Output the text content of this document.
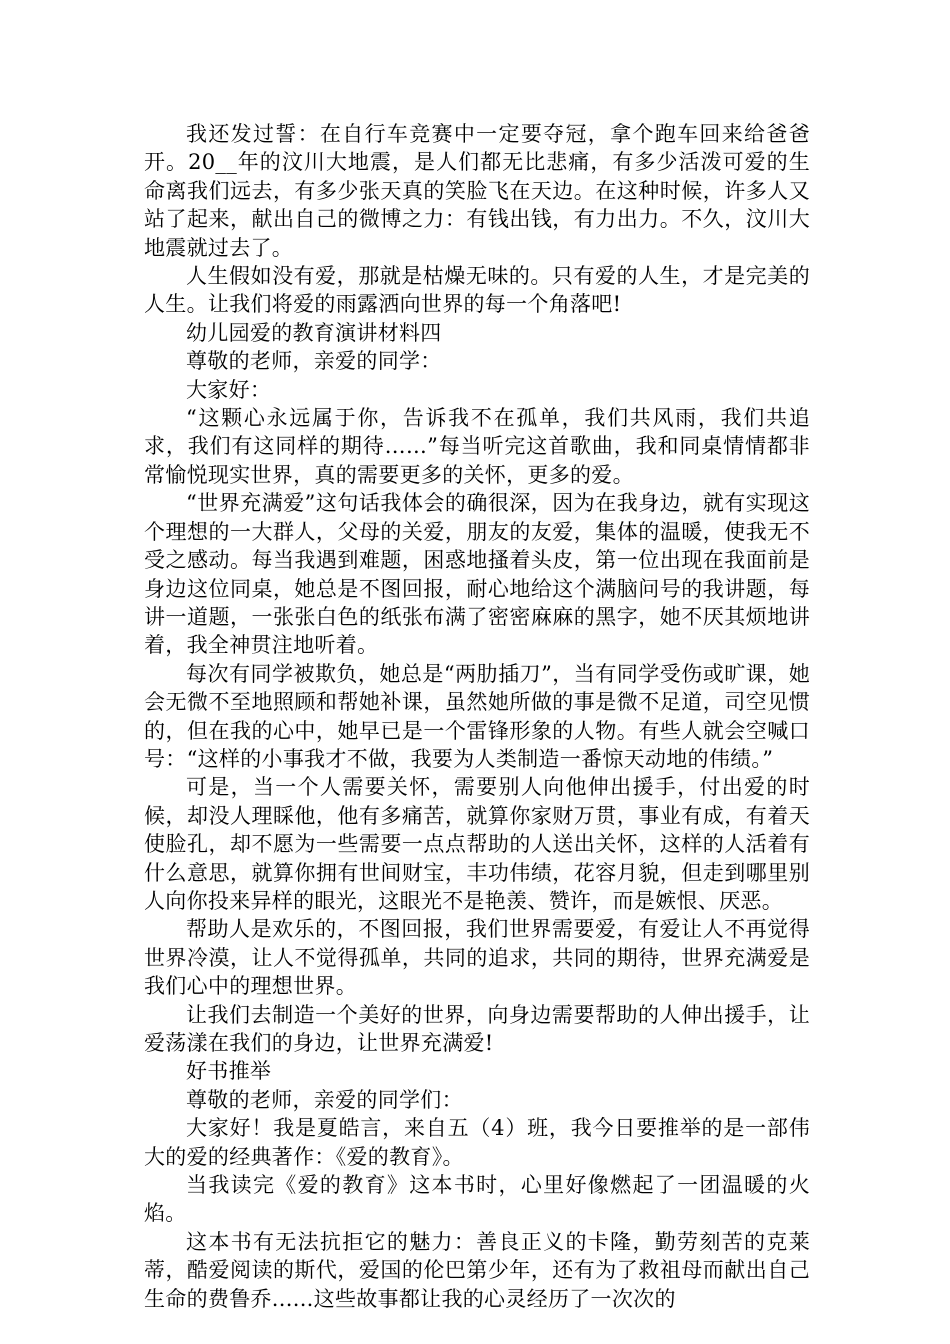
我还发过誓：在自行车竞赛中一定要夺冠，拿个跑车回来给爸爸开。20__年的汶川大地震，是人们都无比悲痛，有多少活泼可爱的生命离我们远去，有多少张天真的笑脸飞在天边。在这种时候，许多人又站了起来，献出自己的微博之力：有钱出钱，有力出力。不久，汶川大地震就过去了。

人生假如没有爱，那就是枯燥无味的。只有爱的人生，才是完美的人生。让我们将爱的雨露洒向世界的每一个角落吧!

幼儿园爱的教育演讲材料四

尊敬的老师，亲爱的同学：

大家好：

“这颗心永远属于你，告诉我不在孤单，我们共风雨，我们共追求，我们有这同样的期待……”每当听完这首歌曲，我和同桌情情都非常愉悦现实世界，真的需要更多的关怀，更多的爱。

“世界充满爱”这句话我体会的确很深，因为在我身边，就有实现这个理想的一大群人，父母的关爱，朋友的友爱，集体的温暖，使我无不受之感动。每当我遇到难题，困惑地搔着头皮，第一位出现在我面前是身边这位同桌，她总是不图回报，耐心地给这个满脑问号的我讲题，每讲一道题，一张张白色的纸张布满了密密麻麻的黑字，她不厌其烦地讲着，我全神贯注地听着。

每次有同学被欺负，她总是“两肋插刀”，当有同学受伤或旷课，她会无微不至地照顾和帮她补课，虽然她所做的事是微不足道，司空见惯的，但在我的心中，她早已是一个雷锋形象的人物。有些人就会空喊口号：“这样的小事我才不做，我要为人类制造一番惊天动地的伟绩。”

可是，当一个人需要关怀，需要别人向他伸出援手，付出爱的时候，却没人理睬他，他有多痛苦，就算你家财万贯，事业有成，有着天使脸孔，却不愿为一些需要一点点帮助的人送出关怀，这样的人活着有什么意思，就算你拥有世间财宝，丰功伟绩，花容月貌，但走到哪里别人向你投来异样的眼光，这眼光不是艳羡、赞许，而是嫉恨、厌恶。

帮助人是欢乐的，不图回报，我们世界需要爱，有爱让人不再觉得世界冷漠，让人不觉得孤单，共同的追求，共同的期待，世界充满爱是我们心中的理想世界。

让我们去制造一个美好的世界，向身边需要帮助的人伸出援手，让爱荡漾在我们的身边，让世界充满爱!

好书推举

尊敬的老师，亲爱的同学们：

大家好！我是夏皓言，来自五（4）班，我今日要推举的是一部伟大的爱的经典著作：《爱的教育》。

当我读完《爱的教育》这本书时，心里好像燃起了一团温暖的火焰。

这本书有无法抗拒它的魅力：善良正义的卡隆，勤劳刻苦的克莱蒂，酷爱阅读的斯代，爱国的伦巴第少年，还有为了救祖母而献出自己生命的费鲁乔......这些故事都让我的心灵经历了一次次的
